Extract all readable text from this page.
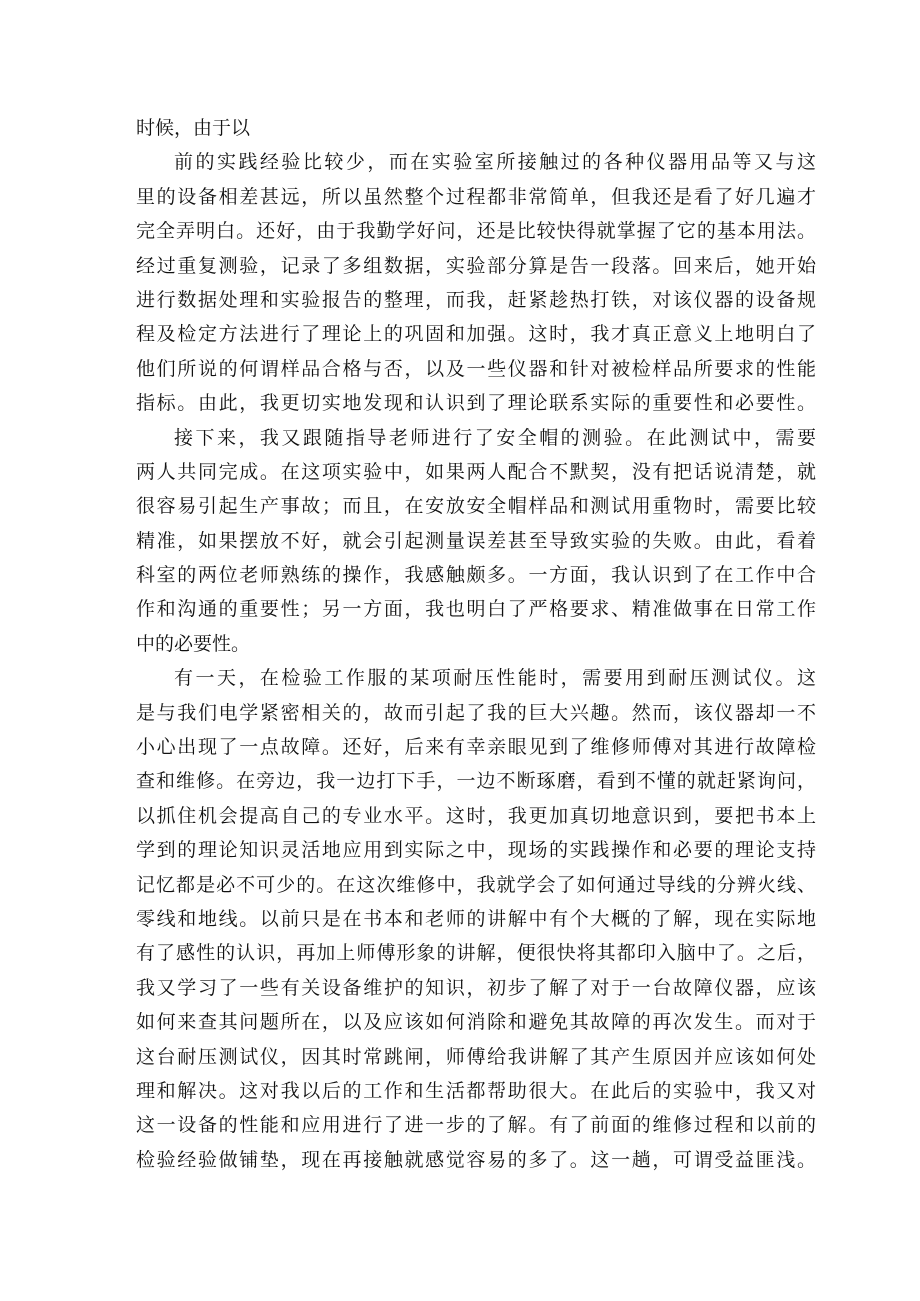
时候，由于以
前的实践经验比较少，而在实验室所接触过的各种仪器用品等又与这
里的设备相差甚远，所以虽然整个过程都非常简单，但我还是看了好几遍才
完全弄明白。还好，由于我勤学好问，还是比较快得就掌握了它的基本用法。
经过重复测验，记录了多组数据，实验部分算是告一段落。回来后，她开始
进行数据处理和实验报告的整理，而我，赶紧趁热打铁，对该仪器的设备规
程及检定方法进行了理论上的巩固和加强。这时，我才真正意义上地明白了
他们所说的何谓样品合格与否，以及一些仪器和针对被检样品所要求的性能
指标。由此，我更切实地发现和认识到了理论联系实际的重要性和必要性。
接下来，我又跟随指导老师进行了安全帽的测验。在此测试中，需要
两人共同完成。在这项实验中，如果两人配合不默契，没有把话说清楚，就
很容易引起生产事故；而且，在安放安全帽样品和测试用重物时，需要比较
精准，如果摆放不好，就会引起测量误差甚至导致实验的失败。由此，看着
科室的两位老师熟练的操作，我感触颇多。一方面，我认识到了在工作中合
作和沟通的重要性；另一方面，我也明白了严格要求、精准做事在日常工作
中的必要性。
有一天，在检验工作服的某项耐压性能时，需要用到耐压测试仪。这
是与我们电学紧密相关的，故而引起了我的巨大兴趣。然而，该仪器却一不
小心出现了一点故障。还好，后来有幸亲眼见到了维修师傅对其进行故障检
查和维修。在旁边，我一边打下手，一边不断琢磨，看到不懂的就赶紧询问，
以抓住机会提高自己的专业水平。这时，我更加真切地意识到，要把书本上
学到的理论知识灵活地应用到实际之中，现场的实践操作和必要的理论支持
记忆都是必不可少的。在这次维修中，我就学会了如何通过导线的分辨火线、
零线和地线。以前只是在书本和老师的讲解中有个大概的了解，现在实际地
有了感性的认识，再加上师傅形象的讲解，便很快将其都印入脑中了。之后，
我又学习了一些有关设备维护的知识，初步了解了对于一台故障仪器，应该
如何来查其问题所在，以及应该如何消除和避免其故障的再次发生。而对于
这台耐压测试仪，因其时常跳闸，师傅给我讲解了其产生原因并应该如何处
理和解决。这对我以后的工作和生活都帮助很大。在此后的实验中，我又对
这一设备的性能和应用进行了进一步的了解。有了前面的维修过程和以前的
检验经验做铺垫，现在再接触就感觉容易的多了。这一趟，可谓受益匪浅。
